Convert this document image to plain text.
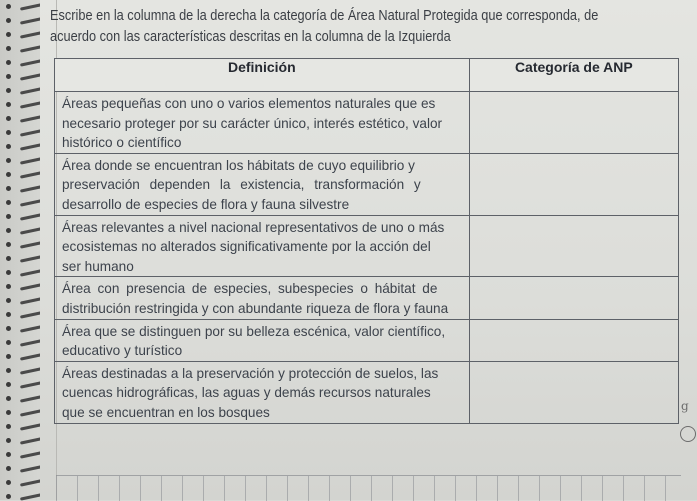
Escribe en la columna de la derecha la categoría de Área Natural Protegida que corresponda, de
acuerdo con las características descritas en la columna de la Izquierda
Definición	Categoría de ANP

Áreas pequeñas con uno o varios elementos naturales que es
necesario proteger por su carácter único, interés estético, valor
histórico o científico	

Área donde se encuentran los hábitats de cuyo equilibrio y
preservación dependen la existencia, transformación y
desarrollo de especies de flora y fauna silvestre	

Áreas relevantes a nivel nacional representativos de uno o más
ecosistemas no alterados significativamente por la acción del
ser humano	

Área con presencia de especies, subespecies o hábitat de
distribución restringida y con abundante riqueza de flora y fauna	

Área que se distinguen por su belleza escénica, valor científico,
educativo y turístico	

Áreas destinadas a la preservación y protección de suelos, las
cuencas hidrográficas, las aguas y demás recursos naturales
que se encuentran en los bosques	
		g
